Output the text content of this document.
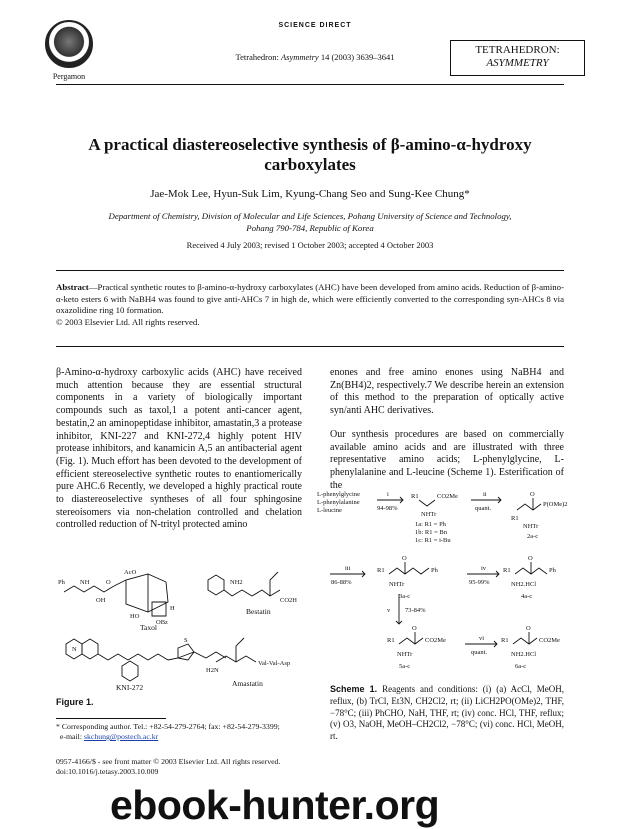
Pergamon
SCIENCE DIRECT
Tetrahedron: Asymmetry 14 (2003) 3639–3641
TETRAHEDRON:
ASYMMETRY
A practical diastereoselective synthesis of β-amino-α-hydroxy
carboxylates
Jae-Mok Lee, Hyun-Suk Lim, Kyung-Chang Seo and Sung-Kee Chung*
Department of Chemistry, Division of Molecular and Life Sciences, Pohang University of Science and Technology,
Pohang 790-784, Republic of Korea
Received 4 July 2003; revised 1 October 2003; accepted 4 October 2003
Abstract—Practical synthetic routes to β-amino-α-hydroxy carboxylates (AHC) have been developed from amino acids. Reduction of β-amino-α-keto esters 6 with NaBH4 was found to give anti-AHCs 7 in high de, which were efficiently converted to the corresponding syn-AHCs 8 via oxazolidine ring 10 formation.
© 2003 Elsevier Ltd. All rights reserved.
β-Amino-α-hydroxy carboxylic acids (AHC) have received much attention because they are essential structural components in a variety of biologically important compounds such as taxol,1 a potent anti-cancer agent, bestatin,2 an aminopeptidase inhibitor, amastatin,3 a protease inhibitor, KNI-227 and KNI-272,4 highly potent HIV protease inhibitors, and kanamicin A,5 an antibacterial agent (Fig. 1). Much effort has been devoted to the development of efficient stereoselective synthetic routes to enantiomerically pure AHC.6 Recently, we developed a highly practical route to diastereoselective syntheses of all four sphingosine stereoisomers via non-chelation controlled and chelation controlled reduction of N-trityl protected amino
enones and free amino enones using NaBH4 and Zn(BH4)2, respectively.7 We describe herein an extension of this method to the preparation of optically active syn/anti AHC derivatives.
Our synthesis procedures are based on commercially available amino acids and are illustrated with three representative amino acids; L-phenylglycine, L-phenylalanine and L-leucine (Scheme 1). Esterification of the
Ph NH	O
OH
AcO
OBz
HO
H
NH2
CO2H
N
S
Val-Val-Asp
H2N
Taxol
Bestatin
KNI-272	Amastatin
Figure 1.
* Corresponding author. Tel.: +82-54-279-2764; fax: +82-54-279-3399;
e-mail: skchung@postech.ac.kr
0957-4166/$ - see front matter © 2003 Elsevier Ltd. All rights reserved.
doi:10.1016/j.tetasy.2003.10.009
L-phenylglycine
L-phenylalanine
L-leucine
i
94-98%
R1	CO2Me
NHTr
1a: R1 = Ph
1b: R1 = Bn
1c: R1 = i-Bu
ii
quant.
O
P(OMe)2
R1
NHTr
2a-c
iii
86-88%
R1
O
Ph
NHTr
3a-c
iv
95-99%
R1
O
Ph
NH2.HCl
4a-c
v 73-84%
R1
O
CO2Me
NHTr
5a-c
vi
quant.
R1
O
CO2Me
NH2.HCl
6a-c
Scheme 1. Reagents and conditions: (i) (a) AcCl, MeOH, reflux, (b) TrCl, Et3N, CH2Cl2, rt; (ii) LiCH2PO(OMe)2, THF, −78°C; (iii) PhCHO, NaH, THF, rt; (iv) conc. HCl, THF, reflux; (v) O3, NaOH, MeOH–CH2Cl2, −78°C; (vi) conc. HCl, MeOH, rt.
ebook-hunter.org
